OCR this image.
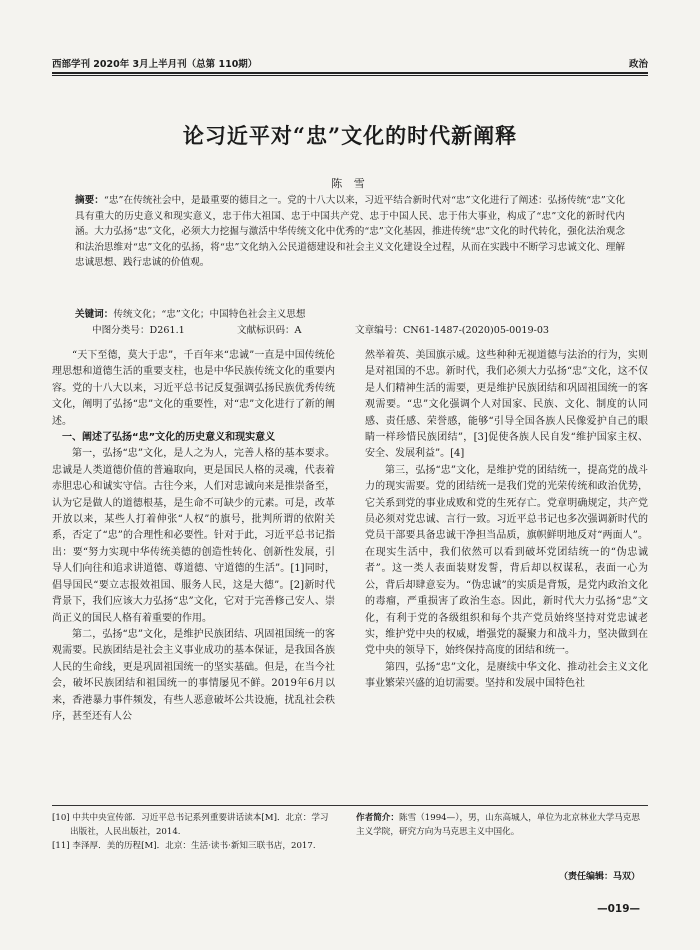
西部学刊 2020年 3月上半月刊（总第 110期）	政治
论习近平对“忠”文化的时代新阐释
陈 雪
摘要：“忠”在传统社会中，是最重要的德目之一。党的十八大以来，习近平结合新时代对“忠”文化进行了阐述：弘扬传统“忠”文化具有重大的历史意义和现实意义，忠于伟大祖国、忠于中国共产党、忠于中国人民、忠于伟大事业，构成了“忠”文化的新时代内涵。大力弘扬“忠”文化，必须大力挖掘与激活中华传统文化中优秀的“忠”文化基因，推进传统“忠”文化的时代转化，强化法治观念和法治思维对“忠”文化的弘扬，将“忠”文化纳入公民道德建设和社会主义文化建设全过程，从而在实践中不断学习忠诚文化、理解忠诚思想、践行忠诚的价值观。
关键词：传统文化；“忠”文化；中国特色社会主义思想
中图分类号：D261.1	文献标识码：A	文章编号：CN61-1487-(2020)05-0019-03

“天下至德，莫大于忠”，千百年来“忠诚”一直是中国传统伦理思想和道德生活的重要支柱，也是中华民族传统文化的重要内容。党的十八大以来，习近平总书记反复强调弘扬民族优秀传统文化，阐明了弘扬“忠”文化的重要性，对“忠”文化进行了新的阐述。

一、阐述了弘扬“忠”文化的历史意义和现实意义

第一，弘扬“忠”文化，是人之为人，完善人格的基本要求。忠诚是人类道德价值的普遍取向，更是国民人格的灵魂，代表着赤胆忠心和诚实守信。古往今来，人们对忠诚向来是推崇备至，认为它是做人的道德根基，是生命不可缺少的元素。可是，改革开放以来，某些人打着伸张“人权”的旗号，批判所谓的依附关系，否定了“忠”的合理性和必要性。针对于此，习近平总书记指出：要“努力实现中华传统美德的创造性转化、创新性发展，引导人们向往和追求讲道德、尊道德、守道德的生活”。[1]同时，倡导国民“要立志报效祖国、服务人民，这是大德”。[2]新时代背景下，我们应该大力弘扬“忠”文化，它对于完善修己安人、崇尚正义的国民人格有着重要的作用。

第二，弘扬“忠”文化，是维护民族团结、巩固祖国统一的客观需要。民族团结是社会主义事业成功的基本保证，是我国各族人民的生命线，更是巩固祖国统一的坚实基础。但是，在当今社会，破坏民族团结和祖国统一的事情屡见不鲜。2019年6月以来，香港暴力事件频发，有些人恶意破坏公共设施，扰乱社会秩序，甚至还有人公

然举着英、美国旗示威。这些种种无视道德与法治的行为，实则是对祖国的不忠。新时代，我们必须大力弘扬“忠”文化，这不仅是人们精神生活的需要，更是维护民族团结和巩固祖国统一的客观需要。“忠”文化强调个人对国家、民族、文化、制度的认同感、责任感、荣誉感，能够“引导全国各族人民像爱护自己的眼睛一样珍惜民族团结”，[3]促使各族人民自发“维护国家主权、安全、发展利益”。[4]

第三，弘扬“忠”文化，是维护党的团结统一，提高党的战斗力的现实需要。党的团结统一是我们党的光荣传统和政治优势，它关系到党的事业成败和党的生死存亡。党章明确规定，共产党员必须对党忠诚、言行一致。习近平总书记也多次强调新时代的党员干部要具备忠诚干净担当品质，旗帜鲜明地反对“两面人”。在现实生活中，我们依然可以看到破坏党团结统一的“伪忠诚者”。这一类人表面装财发誓，背后却以权谋私，表面一心为公，背后却肆意妄为。“伪忠诚”的实质是背叛，是党内政治文化的毒瘤，严重损害了政治生态。因此，新时代大力弘扬“忠”文化，有利于党的各级组织和每个共产党员始终坚持对党忠诚老实，维护党中央的权威，增强党的凝聚力和战斗力，坚决做到在党中央的领导下，始终保持高度的团结和统一。

第四，弘扬“忠”文化，是赓续中华文化、推动社会主义文化事业繁荣兴盛的迫切需要。坚持和发展中国特色社

[10] 中共中央宣传部．习近平总书记系列重要讲话读本[M]．北京：学习出版社，人民出版社，2014.

[11] 李泽厚．美的历程[M]．北京：生活·读书·新知三联书店，2017.

作者简介：陈雪（1994—），男，山东高城人，单位为北京林业大学马克思主义学院，研究方向为马克思主义中国化。
（责任编辑：马双）
—019—
